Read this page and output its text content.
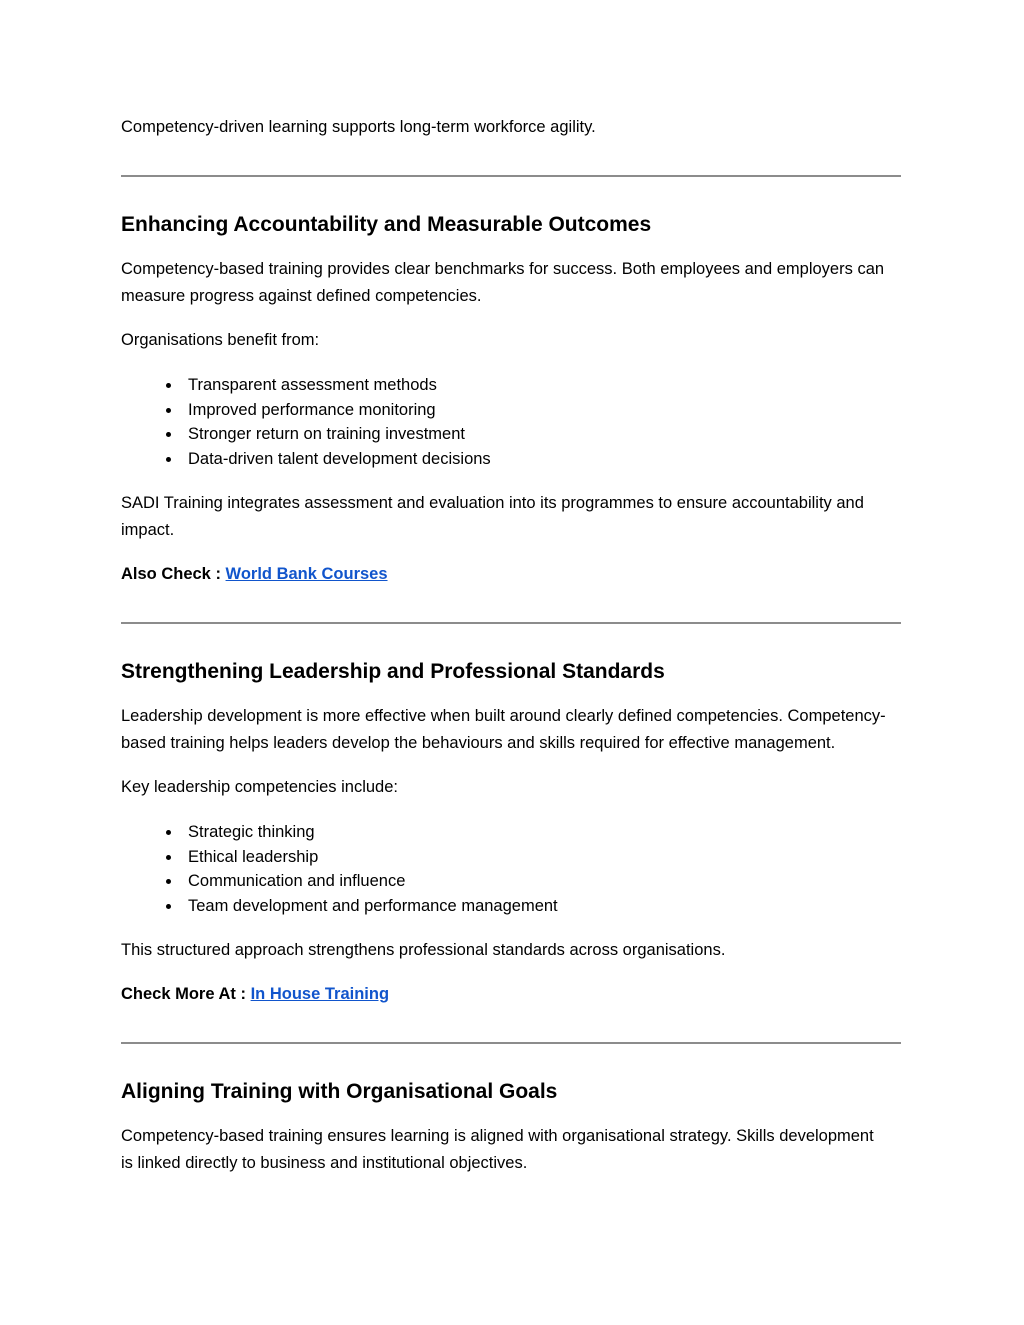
Competency-driven learning supports long-term workforce agility.

Enhancing Accountability and Measurable Outcomes

Competency-based training provides clear benchmarks for success. Both employees and employers can measure progress against defined competencies.

Organisations benefit from:

• Transparent assessment methods
• Improved performance monitoring
• Stronger return on training investment
• Data-driven talent development decisions

SADI Training integrates assessment and evaluation into its programmes to ensure accountability and impact.

Also Check : World Bank Courses

Strengthening Leadership and Professional Standards

Leadership development is more effective when built around clearly defined competencies. Competency-based training helps leaders develop the behaviours and skills required for effective management.

Key leadership competencies include:

• Strategic thinking
• Ethical leadership
• Communication and influence
• Team development and performance management

This structured approach strengthens professional standards across organisations.

Check More At : In House Training

Aligning Training with Organisational Goals

Competency-based training ensures learning is aligned with organisational strategy. Skills development is linked directly to business and institutional objectives.
